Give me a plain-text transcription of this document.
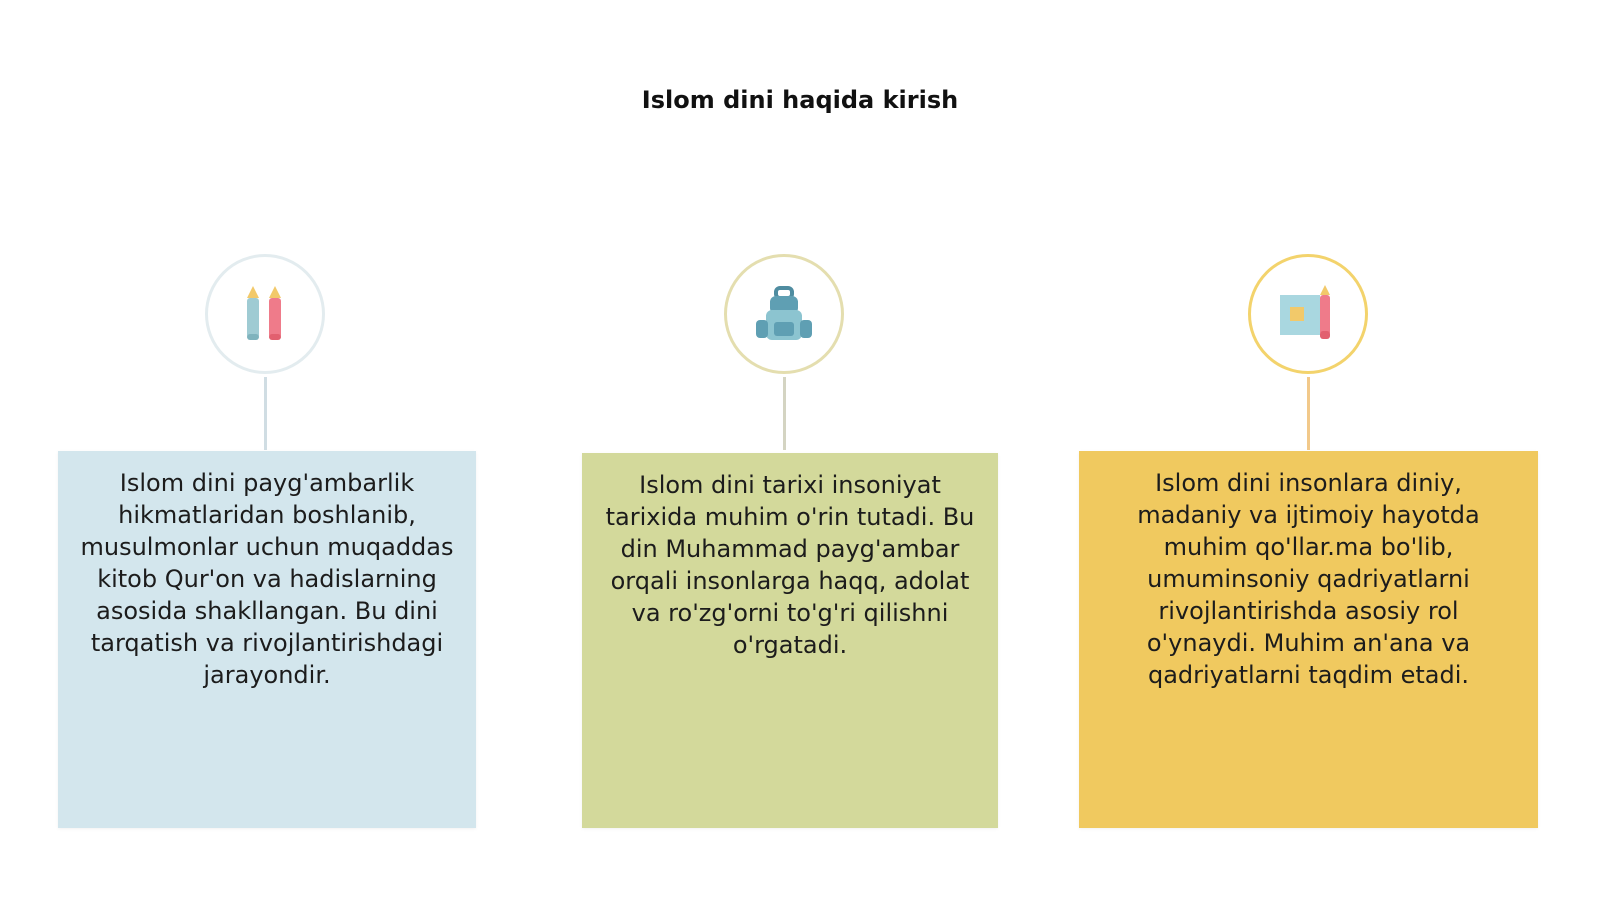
Islom dini haqida kirish
Islom dini payg'ambarlik hikmatlaridan boshlanib, musulmonlar uchun muqaddas kitob Qur'on va hadislarning asosida shakllangan. Bu dini tarqatish va rivojlantirishdagi jarayondir.
Islom dini tarixi insoniyat tarixida muhim o'rin tutadi. Bu din Muhammad payg'ambar orqali insonlarga haqq, adolat va ro'zg'orni to'g'ri qilishni o'rgatadi.
Islom dini insonlara diniy, madaniy va ijtimoiy hayotda muhim qo'llar.ma bo'lib, umuminsoniy qadriyatlarni rivojlantirishda asosiy rol o'ynaydi. Muhim an'ana va qadriyatlarni taqdim etadi.
